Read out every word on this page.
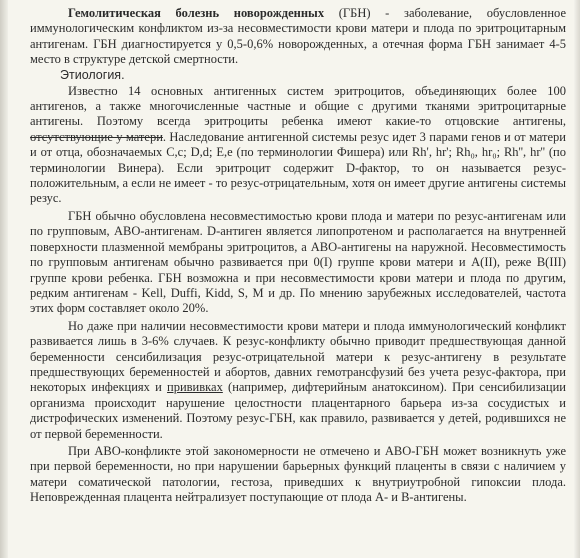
Гемолитическая болезнь новорожденных (ГБН) - заболевание, обусловленное иммунологическим конфликтом из-за несовместимости крови матери и плода по эритроцитарным антигенам. ГБН диагностируется у 0,5-0,6% новорожденных, а отечная форма ГБН занимает 4-5 место в структуре детской смертности.

Этиология.

Известно 14 основных антигенных систем эритроцитов, объединяющих более 100 антигенов, а также многочисленные частные и общие с другими тканями эритроцитарные антигены. Поэтому всегда эритроциты ребенка имеют какие-то отцовские антигены, отсутствующие у матери. Наследование антигенной системы резус идет 3 парами генов и от матери и от отца, обозначаемых C,c; D,d; E,e (по терминологии Фишера) или Rh', hr'; Rh₀, hr₀; Rh'', hr'' (по терминологии Винера). Если эритроцит содержит D-фактор, то он называется резус-положительным, а если не имеет - то резус-отрицательным, хотя он имеет другие антигены системы резус.

ГБН обычно обусловлена несовместимостью крови плода и матери по резус-антигенам или по групповым, АВО-антигенам. D-антиген является липопротеном и располагается на внутренней поверхности плазменной мембраны эритроцитов, а АВО-антигены на наружной. Несовместимость по групповым антигенам обычно развивается при 0(I) группе крови матери и A(II), реже B(III) группе крови ребенка. ГБН возможна и при несовместимости крови матери и плода по другим, редким антигенам - Kell, Duffi, Kidd, S, M и др. По мнению зарубежных исследователей, частота этих форм составляет около 20%.

Но даже при наличии несовместимости крови матери и плода иммунологический конфликт развивается лишь в 3-6% случаев. К резус-конфликту обычно приводит предшествующая данной беременности сенсибилизация резус-отрицательной матери к резус-антигену в результате предшествующих беременностей и абортов, давних гемотрансфузий без учета резус-фактора, при некоторых инфекциях и прививках (например, дифтерийным анатоксином). При сенсибилизации организма происходит нарушение целостности плацентарного барьера из-за сосудистых и дистрофических изменений. Поэтому резус-ГБН, как правило, развивается у детей, родившихся не от первой беременности.

При АВО-конфликте этой закономерности не отмечено и АВО-ГБН может возникнуть уже при первой беременности, но при нарушении барьерных функций плаценты в связи с наличием у матери соматической патологии, гестоза, приведших к внутриутробной гипоксии плода. Неповрежденная плацента нейтрализует поступающие от плода А- и В-антигены.
